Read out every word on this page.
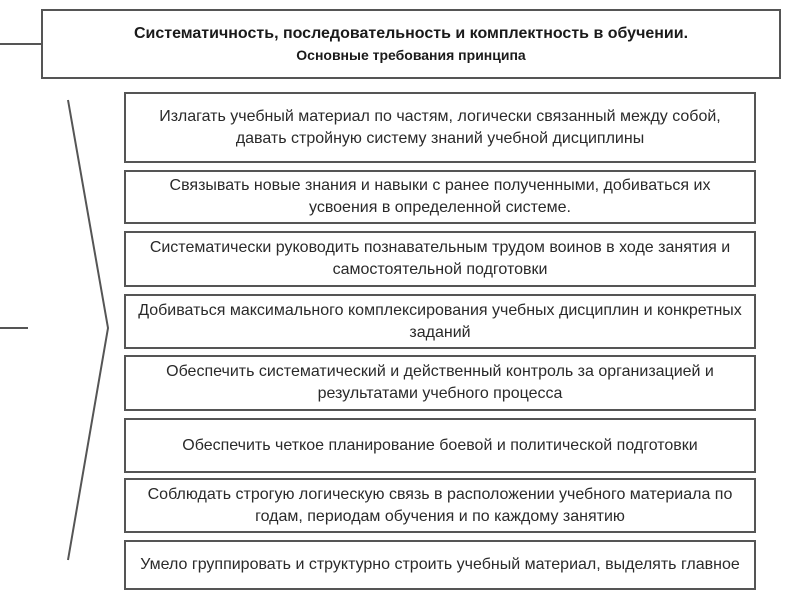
Систематичность, последовательность и комплектность в обучении.
Основные требования принципа
Излагать учебный материал по частям, логически связанный между собой, давать стройную систему знаний учебной дисциплины
Связывать новые знания и навыки с ранее полученными, добиваться их усвоения в определенной системе.
Систематически руководить познавательным трудом воинов в ходе занятия и самостоятельной подготовки
Добиваться максимального комплексирования учебных дисциплин и конкретных заданий
Обеспечить систематический и действенный контроль за организацией и результатами учебного процесса
Обеспечить четкое планирование боевой и политической подготовки
Соблюдать строгую логическую связь в расположении учебного материала по годам, периодам обучения и по каждому занятию
Умело группировать и структурно строить учебный материал, выделять главное
